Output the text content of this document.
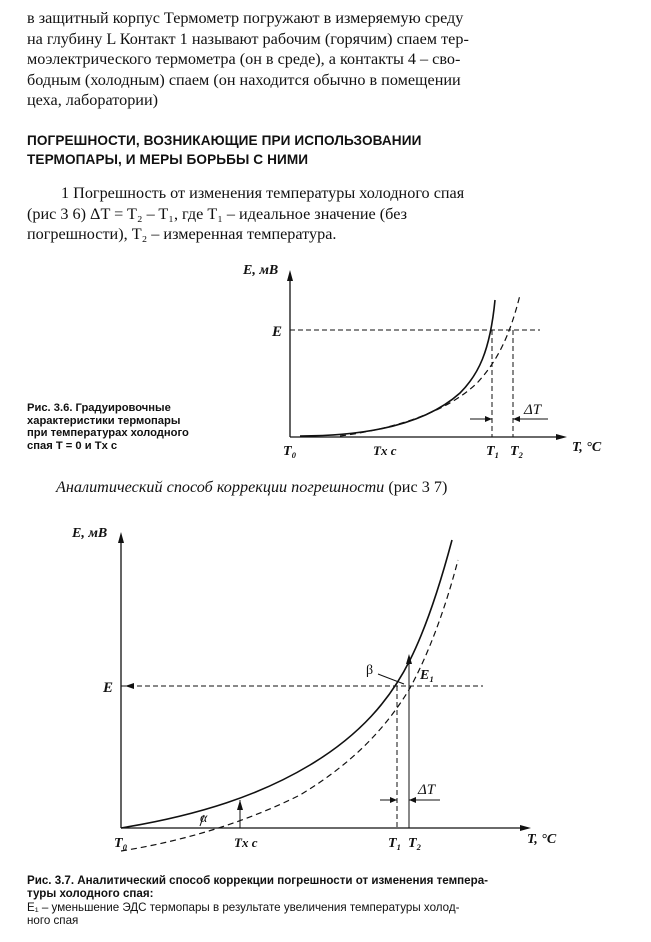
в защитный корпус Термометр погружают в измеряемую среду
на глубину L Контакт 1 называют рабочим (горячим) спаем тер-
моэлектрического термометра (он в среде), а контакты 4 – сво-
бодным (холодным) спаем (он находится обычно в помещении
цеха, лаборатории)
ПОГРЕШНОСТИ, ВОЗНИКАЮЩИЕ ПРИ ИСПОЛЬЗОВАНИИ
ТЕРМОПАРЫ, И МЕРЫ БОРЬБЫ С НИМИ
1 Погрешность от изменения температуры холодного спая
(рис 3 6) ΔT = T₂ – T₁, где T₁ – идеальное значение (без
погрешности), T₂ – измеренная температура.
Рис. 3.6. Градуировочные
характеристики термопары
при температурах холодного
спая T = 0 и Tх с
E, мВ
E
T, °C
T₀	Tх с	T₁ T₂
ΔT
Аналитический способ коррекции погрешности (рис 3 7)
E, мВ
E
T, °C
T₀	Tх с	T₁ T₂
ΔT
α
β	E₁
Рис. 3.7. Аналитический способ коррекции погрешности от изменения темпера-
туры холодного спая:
E₁ – уменьшение ЭДС термопары в результате увеличения температуры холод-
ного спая
